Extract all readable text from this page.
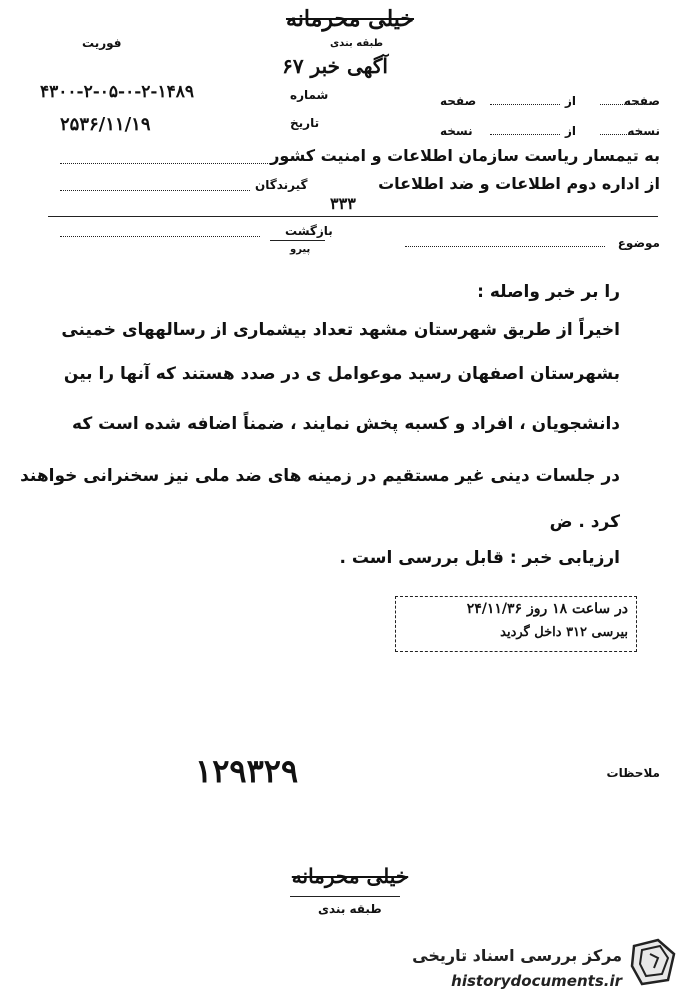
خیلی محرمانه
فوریت	طبقه بندی
آگهی خبر ۶۷
صفحه
از
صفحه
شماره
۴۳۰۰-۲-۰۵-۰-۲-۱۴۸۹
نسخه
از
نسخه
تاریخ
۲۵۳۶/۱۱/۱۹
به تیمسار ریاست سازمان اطلاعات و امنیت کشور
از اداره دوم اطلاعات و ضد اطلاعات
گیرندگان
۳۳۳
بازگشت
پیرو	موضوع
را بر خبر واصله :
اخیراً از طریق شهرستان مشهد تعداد بیشماری از رسالههای خمینی
بشهرستان اصفهان رسید موعوامل ی در صدد هستند که آنها را بین
دانشجویان ، افراد و کسبه پخش نمایند ، ضمناً اضافه شده است که
در جلسات دینی غیر مستقیم در زمینه های ضد ملی نیز سخنرانی خواهند
کرد . ض
ارزیابی خبر : قابل بررسی است .
در ساعت ۱۸ روز ۲۴/۱۱/۳۶
بیرسی ۳۱۲ داخل گردید
ملاحظات
۱۲۹۳۲۹
خیلی محرمانه
طبقه بندی
مرکز بررسی اسناد تاریخی
historydocuments.ir
